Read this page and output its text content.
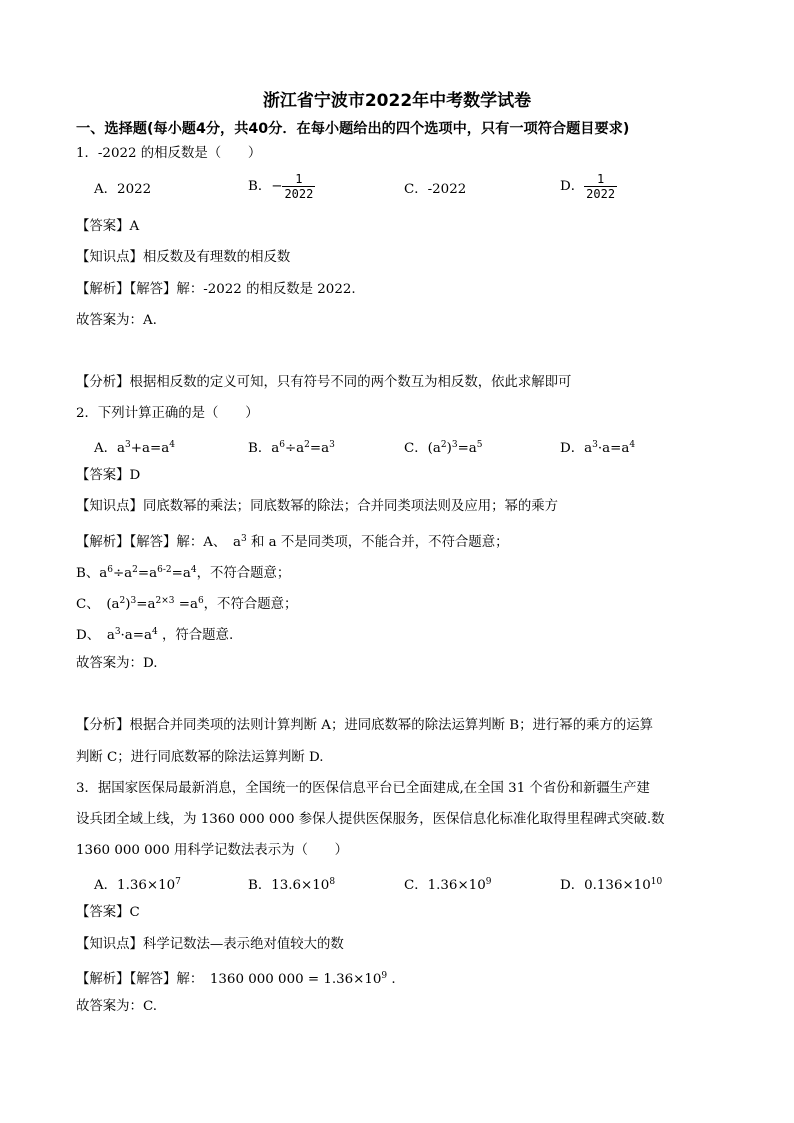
浙江省宁波市2022年中考数学试卷
一、选择题(每小题4分，共40分．在每小题给出的四个选项中，只有一项符合题目要求)
1．-2022 的相反数是（　　）
A．2022	B．− $\frac{1}{2022}$	C．-2022	D． $\frac{1}{2022}$
【答案】A
【知识点】相反数及有理数的相反数
【解析】【解答】解：-2022 的相反数是 2022.
故答案为：A.
【分析】根据相反数的定义可知，只有符号不同的两个数互为相反数，依此求解即可
2．下列计算正确的是（　　）
A．$a^3+a=a^4$	B．$a^6\div a^2=a^3$	C．$(a^2)^3=a^5$	D．$a^3\cdot a=a^4$
【答案】D
【知识点】同底数幂的乘法；同底数幂的除法；合并同类项法则及应用；幂的乘方
【解析】【解答】解：A、　$a^3$ 和 a 不是同类项，不能合并，不符合题意；
B、$a^6\div a^2=a^{6-2}=a^4$，不符合题意；
C、　$(a^2)^3=a^{2\times 3} =a^6$，不符合题意；
D、　$a^3\cdot a=a^4$ ，符合题意.
故答案为：D.
【分析】根据合并同类项的法则计算判断 A；进同底数幂的除法运算判断 B；进行幂的乘方的运算
判断 C；进行同底数幂的除法运算判断 D.
3．据国家医保局最新消息，全国统一的医保信息平台已全面建成,在全国 31 个省份和新疆生产建
设兵团全域上线，为 1360 000 000 参保人提供医保服务，医保信息化标准化取得里程碑式突破.数
1360 000 000 用科学记数法表示为（　　）
A．$1.36\times 10^7$	B．$13.6\times 10^8$	C．$1.36\times 10^9$	D．$0.136\times 10^{10}$
【答案】C
【知识点】科学记数法—表示绝对值较大的数
【解析】【解答】解：　1360 000 $000 = 1.36\times 10^9$ .
故答案为：C.
